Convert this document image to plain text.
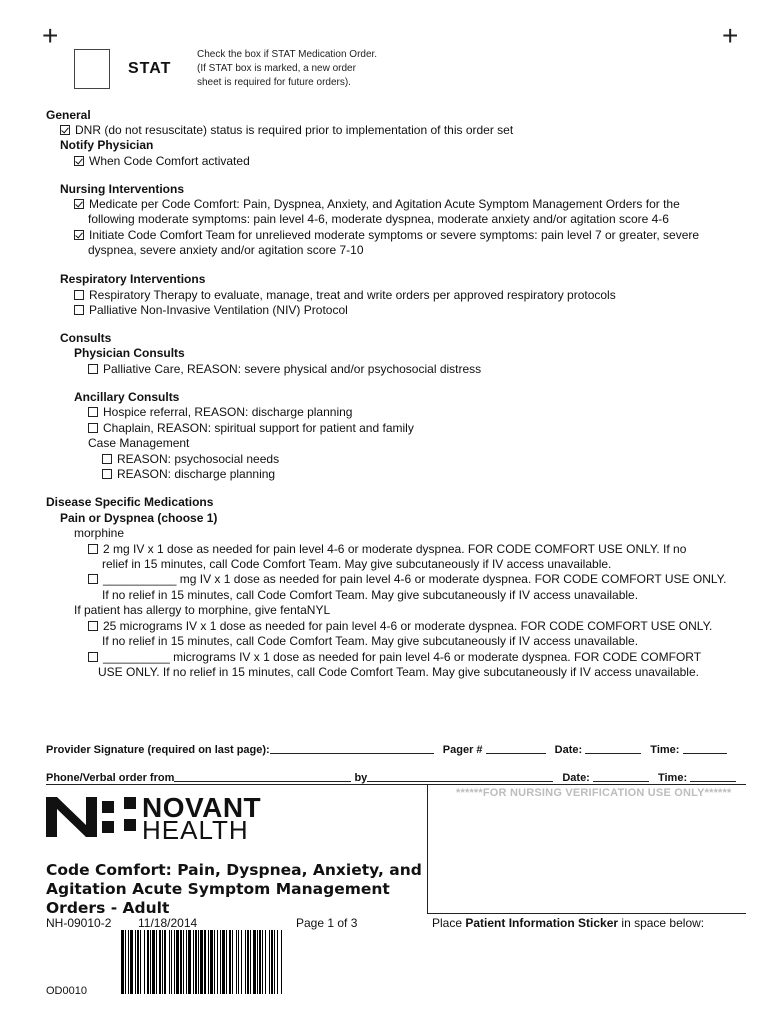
+	+
STAT
Check the box if STAT Medication Order.
(If STAT box is marked, a new order
sheet is required for future orders).
General
DNR (do not resuscitate) status is required prior to implementation of this order set
Notify Physician
When Code Comfort activated
Nursing Interventions
Medicate per Code Comfort: Pain, Dyspnea, Anxiety, and Agitation Acute Symptom Management Orders for the
following moderate symptoms: pain level 4-6, moderate dyspnea, moderate anxiety and/or agitation score 4-6
Initiate Code Comfort Team for unrelieved moderate symptoms or severe symptoms: pain level 7 or greater, severe
dyspnea, severe anxiety and/or agitation score 7-10
Respiratory Interventions
Respiratory Therapy to evaluate, manage, treat and write orders per approved respiratory protocols
Palliative Non-Invasive Ventilation (NIV) Protocol
Consults
Physician Consults
Palliative Care, REASON: severe physical and/or psychosocial distress
Ancillary Consults
Hospice referral, REASON: discharge planning
Chaplain, REASON: spiritual support for patient and family
Case Management
REASON: psychosocial needs
REASON: discharge planning
Disease Specific Medications
Pain or Dyspnea (choose 1)
morphine
2 mg IV x 1 dose as needed for pain level 4-6 or moderate dyspnea. FOR CODE COMFORT USE ONLY. If no
relief in 15 minutes, call Code Comfort Team. May give subcutaneously if IV access unavailable.
___________ mg IV x 1 dose as needed for pain level 4-6 or moderate dyspnea. FOR CODE COMFORT USE ONLY.
If no relief in 15 minutes, call Code Comfort Team. May give subcutaneously if IV access unavailable.
If patient has allergy to morphine, give fentaNYL
25 micrograms IV x 1 dose as needed for pain level 4-6 or moderate dyspnea. FOR CODE COMFORT USE ONLY.
If no relief in 15 minutes, call Code Comfort Team. May give subcutaneously if IV access unavailable.
__________ micrograms IV x 1 dose as needed for pain level 4-6 or moderate dyspnea. FOR CODE COMFORT
USE ONLY. If no relief in 15 minutes, call Code Comfort Team. May give subcutaneously if IV access unavailable.
Provider Signature (required on last page):	Pager #	Date:	Time:
Phone/Verbal order from	by	Date:	Time:
******FOR NURSING VERIFICATION USE ONLY******
NOVANT
HEALTH
Code Comfort: Pain, Dyspnea, Anxiety, and
Agitation Acute Symptom Management
Orders - Adult
NH-09010-2 11/18/2014	Page 1 of 3	Place Patient Information Sticker in space below:
OD0010
